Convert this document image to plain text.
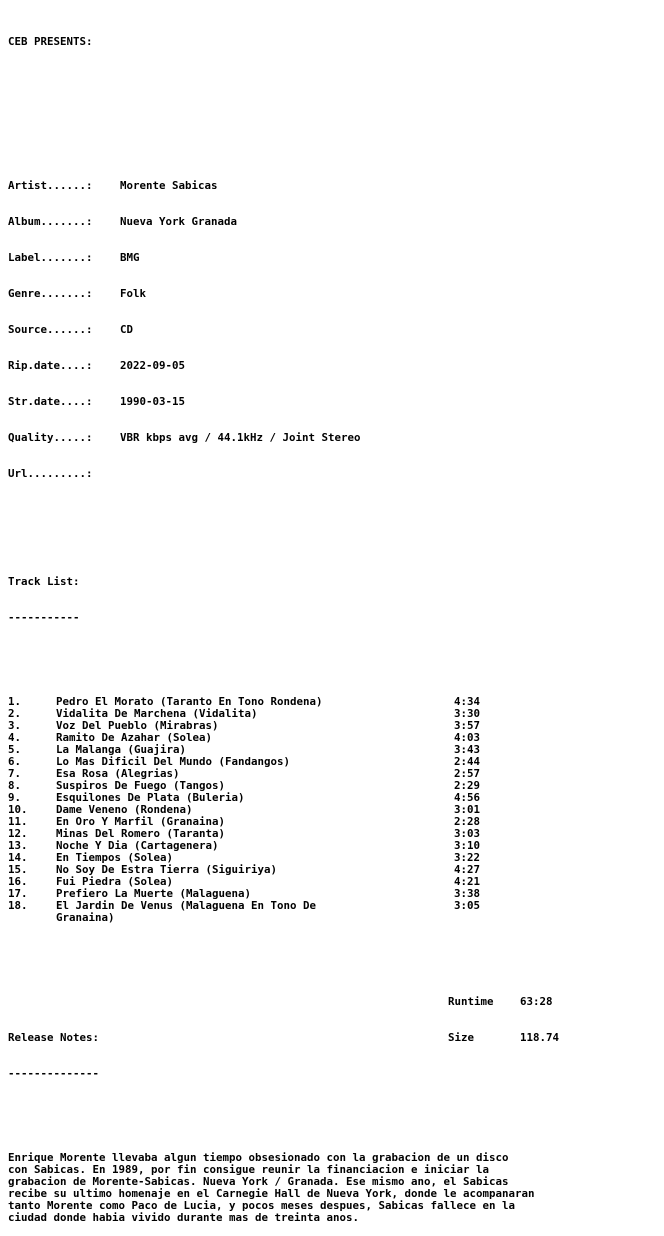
CEB PRESENTS:

Artist......:	Morente Sabicas

Album.......:	Nueva York Granada

Label.......:	BMG

Genre.......:	Folk

Source......:	CD

Rip.date....:	2022-09-05

Str.date....:	1990-03-15

Quality.....:	VBR kbps avg / 44.1kHz / Joint Stereo

Url.........:

Track List:

-----------

1.	Pedro El Morato (Taranto En Tono Rondena)	4:34
2.	Vidalita De Marchena (Vidalita)	3:30
3.	Voz Del Pueblo (Mirabras)	3:57
4.	Ramito De Azahar (Solea)	4:03
5.	La Malanga (Guajira)	3:43
6.	Lo Mas Dificil Del Mundo (Fandangos)	2:44
7.	Esa Rosa (Alegrias)	2:57
8.	Suspiros De Fuego (Tangos)	2:29
9.	Esquilones De Plata (Buleria)	4:56
10.	Dame Veneno (Rondena)	3:01
11.	En Oro Y Marfil (Granaina)	2:28
12.	Minas Del Romero (Taranta)	3:03
13.	Noche Y Dia (Cartagenera)	3:10
14.	En Tiempos (Solea)	3:22
15.	No Soy De Estra Tierra (Siguiriya)	4:27
16.	Fui Piedra (Solea)	4:21
17.	Prefiero La Muerte (Malaguena)	3:38
18.	El Jardin De Venus (Malaguena En Tono De	3:05
Granaina)

Runtime 63:28

Release Notes:	Size	118.74

--------------

Enrique Morente llevaba algun tiempo obsesionado con la grabacion de un disco
con Sabicas. En 1989, por fin consigue reunir la financiacion e iniciar la
grabacion de Morente-Sabicas. Nueva York / Granada. Ese mismo ano, el Sabicas
recibe su ultimo homenaje en el Carnegie Hall de Nueva York, donde le acompanaran
tanto Morente como Paco de Lucia, y pocos meses despues, Sabicas fallece en la
ciudad donde habia vivido durante mas de treinta anos.
